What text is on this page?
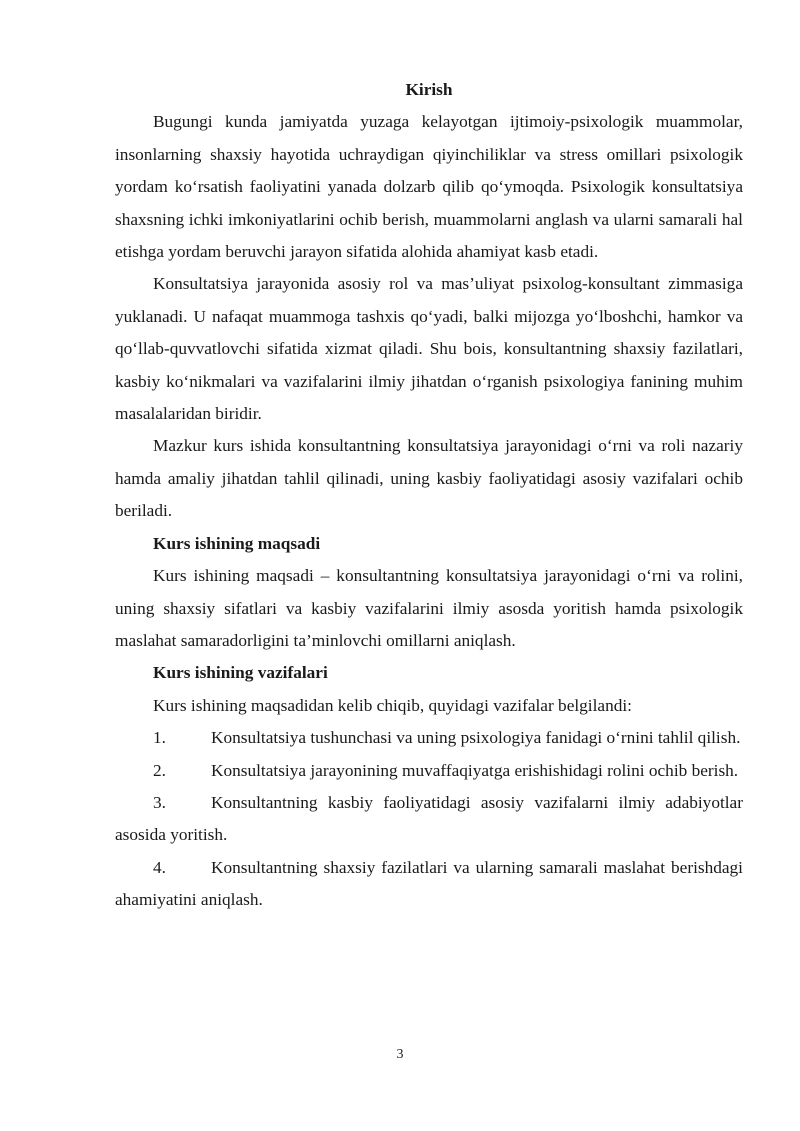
Kirish

Bugungi kunda jamiyatda yuzaga kelayotgan ijtimoiy-psixologik muammolar, insonlarning shaxsiy hayotida uchraydigan qiyinchiliklar va stress omillari psixologik yordam ko‘rsatish faoliyatini yanada dolzarb qilib qo‘ymoqda. Psixologik konsultatsiya shaxsning ichki imkoniyatlarini ochib berish, muammolarni anglash va ularni samarali hal etishga yordam beruvchi jarayon sifatida alohida ahamiyat kasb etadi.

Konsultatsiya jarayonida asosiy rol va mas’uliyat psixolog-konsultant zimmasiga yuklanadi. U nafaqat muammoga tashxis qo‘yadi, balki mijozga yo‘lboshchi, hamkor va qo‘llab-quvvatlovchi sifatida xizmat qiladi. Shu bois, konsultantning shaxsiy fazilatlari, kasbiy ko‘nikmalari va vazifalarini ilmiy jihatdan o‘rganish psixologiya fanining muhim masalalaridan biridir.

Mazkur kurs ishida konsultantning konsultatsiya jarayonidagi o‘rni va roli nazariy hamda amaliy jihatdan tahlil qilinadi, uning kasbiy faoliyatidagi asosiy vazifalari ochib beriladi.

Kurs ishining maqsadi

Kurs ishining maqsadi – konsultantning konsultatsiya jarayonidagi o‘rni va rolini, uning shaxsiy sifatlari va kasbiy vazifalarini ilmiy asosda yoritish hamda psixologik maslahat samaradorligini ta’minlovchi omillarni aniqlash.

Kurs ishining vazifalari

Kurs ishining maqsadidan kelib chiqib, quyidagi vazifalar belgilandi:

1.	Konsultatsiya tushunchasi va uning psixologiya fanidagi o‘rnini tahlil qilish.

2.	Konsultatsiya jarayonining muvaffaqiyatga erishishidagi rolini ochib berish.

3.	Konsultantning kasbiy faoliyatidagi asosiy vazifalarni ilmiy adabiyotlar asosida yoritish.

4.	Konsultantning shaxsiy fazilatlari va ularning samarali maslahat berishdagi ahamiyatini aniqlash.

3
